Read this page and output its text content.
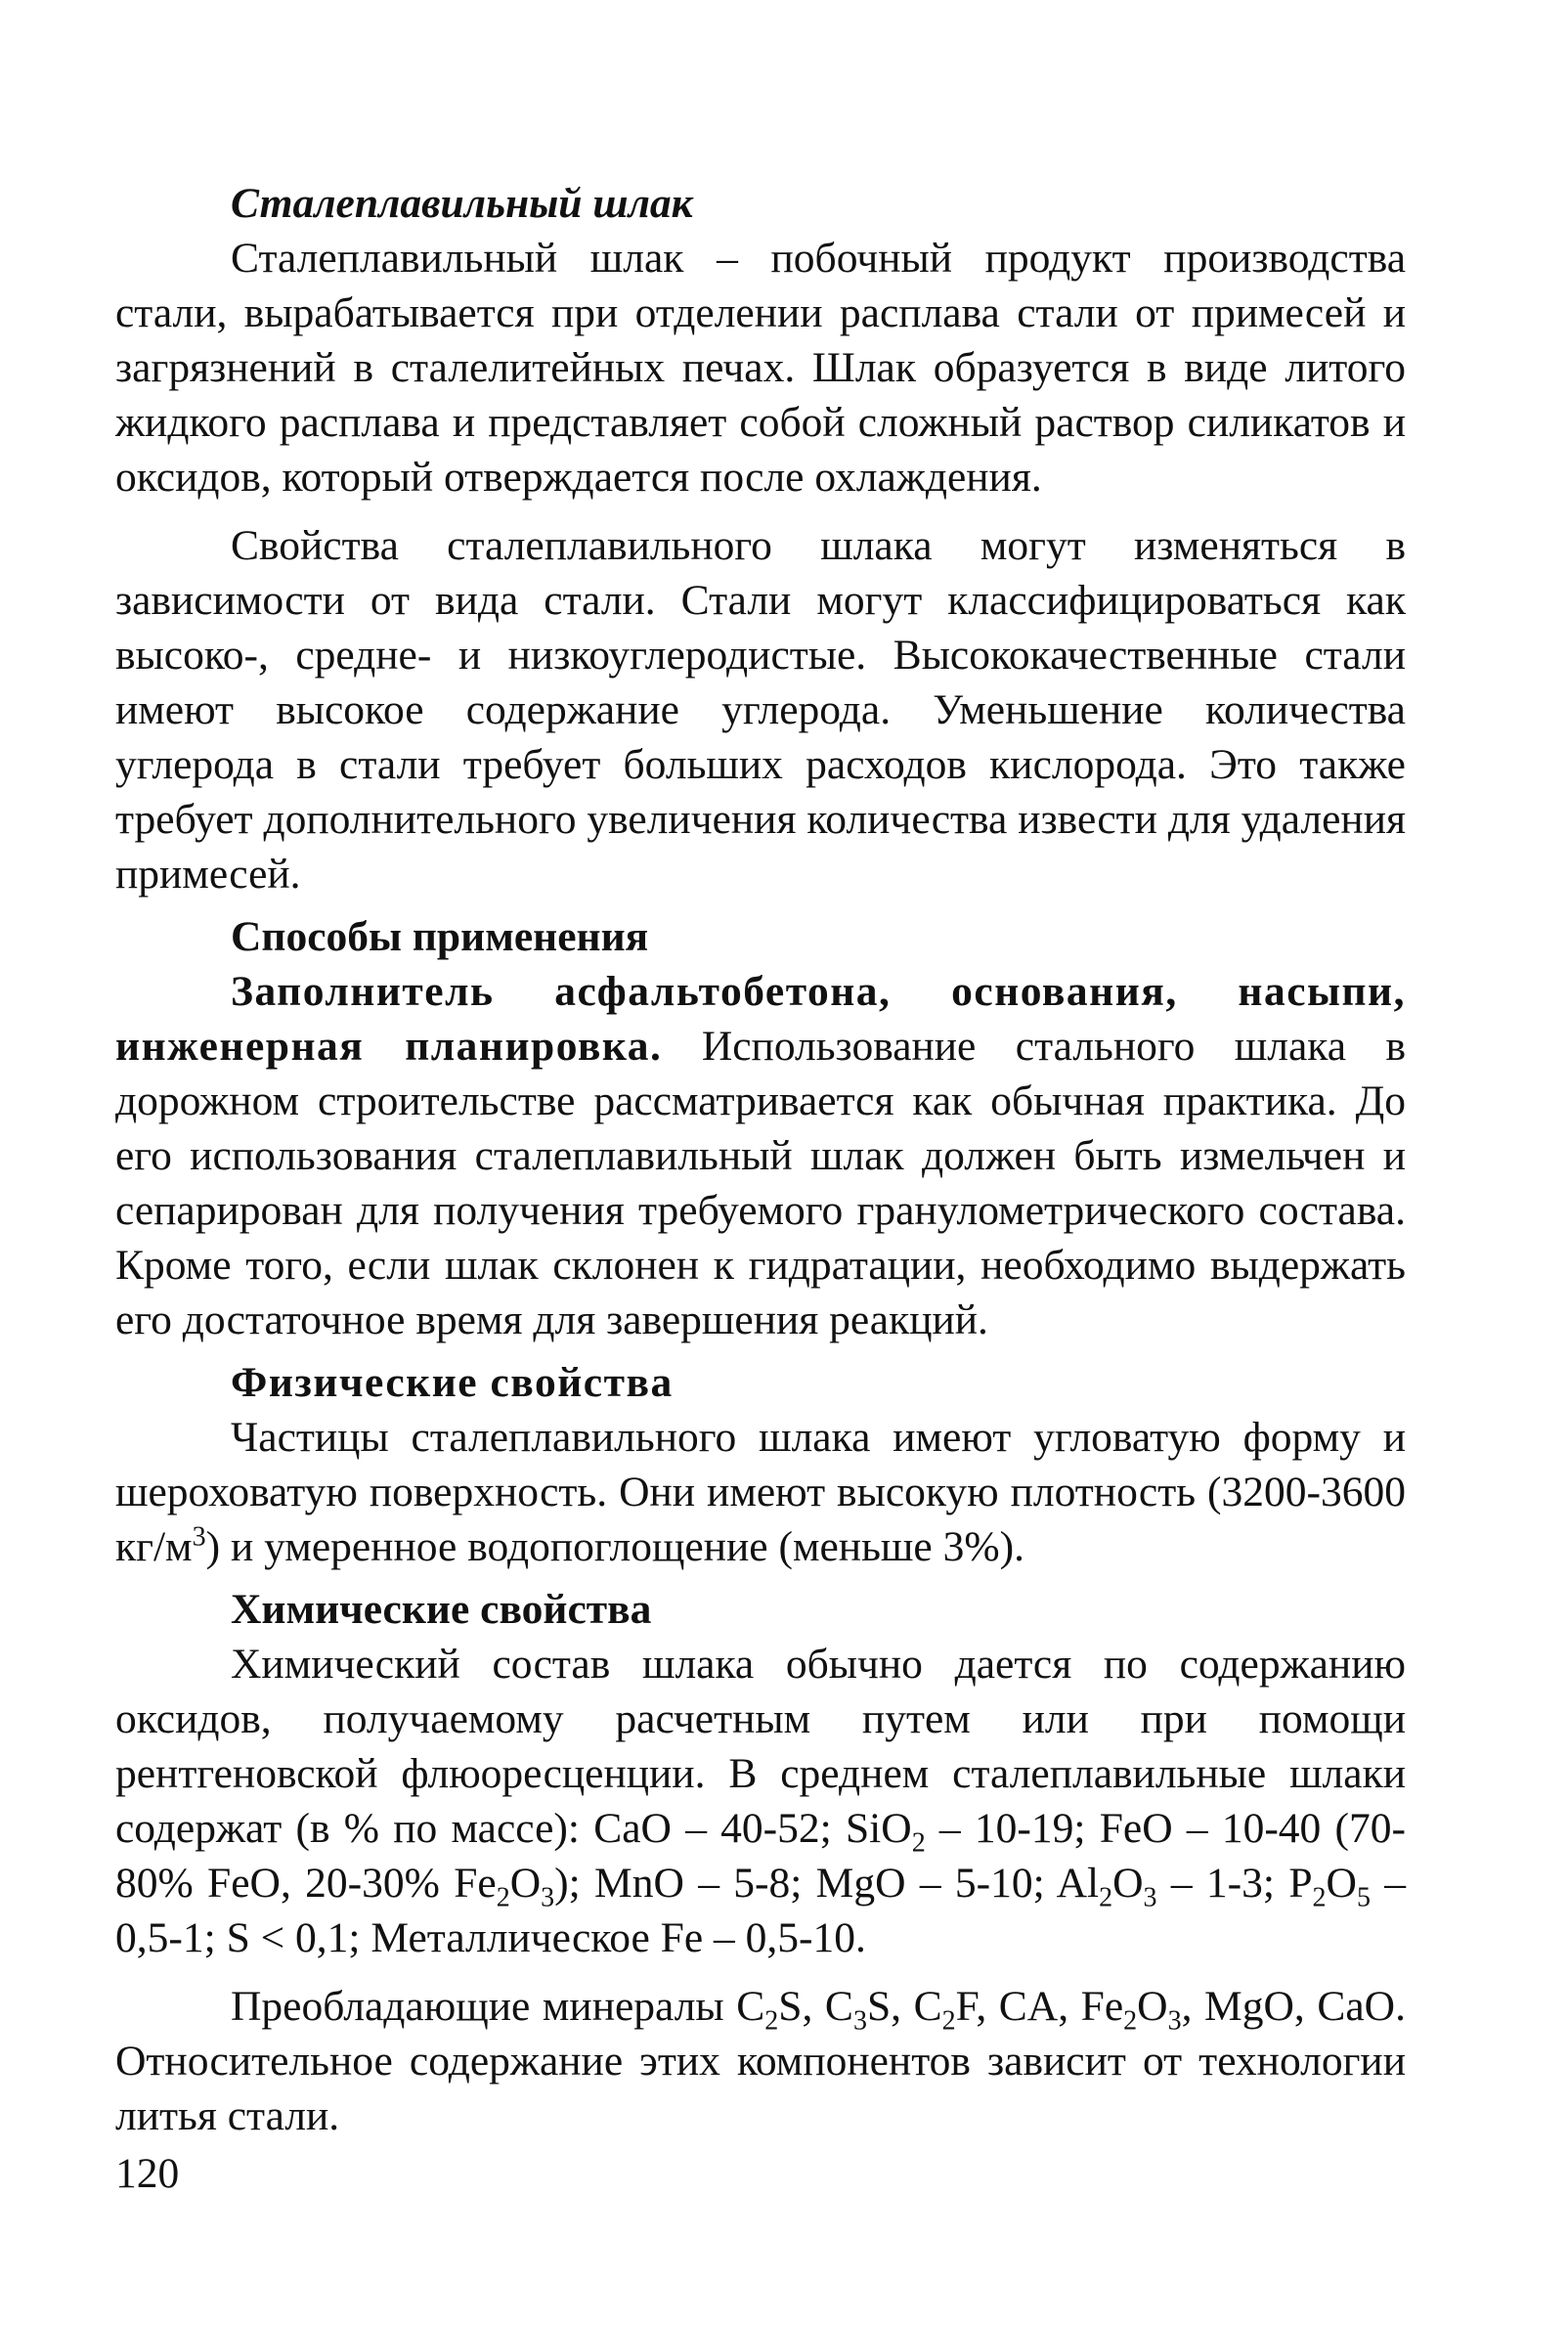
Сталеплавильный шлак

Сталеплавильный шлак – побочный продукт производства стали, вырабатывается при отделении расплава стали от примесей и загрязнений в сталелитейных печах. Шлак образуется в виде литого жидкого расплава и представляет собой сложный раствор силикатов и оксидов, который отверждается после охлаждения.

Свойства сталеплавильного шлака могут изменяться в зависимости от вида стали. Стали могут классифицироваться как высоко-, средне- и низкоуглеродистые. Высококачественные стали имеют высокое содержание углерода. Уменьшение количества углерода в стали требует больших расходов кислорода. Это также требует дополнительного увеличения количества извести для удаления примесей.

Способы применения

Заполнитель асфальтобетона, основания, насыпи, инженерная планировка. Использование стального шлака в дорожном строительстве рассматривается как обычная практика. До его использования сталеплавильный шлак должен быть измельчен и сепарирован для получения требуемого гранулометрического состава. Кроме того, если шлак склонен к гидратации, необходимо выдержать его достаточное время для завершения реакций.

Физические свойства

Частицы сталеплавильного шлака имеют угловатую форму и шероховатую поверхность. Они имеют высокую плотность (3200-3600 $кг/м^3$) и умеренное водопоглощение (меньше 3%).

Химические свойства

Химический состав шлака обычно дается по содержанию оксидов, получаемому расчетным путем или при помощи рентгеновской флюоресценции. В среднем сталеплавильные шлаки содержат (в % по массе): CaO – 40-52; SiO$_2$ – 10-19; FeO – 10-40 (70-80% FeO, 20-30% $Fe_2O_3$); MnO – 5-8; MgO – 5-10; $Al_2O_3 - 1-3$; $P_2O_5 - 0,5-1$; S < 0,1; Металлическое Fe – 0,5-10.

Преобладающие минералы $C_2S$, $C_3S$, $C_2F$, CA, $Fe_2O_3$, MgO, CaO. Относительное содержание этих компонентов зависит от технологии литья стали.

120
